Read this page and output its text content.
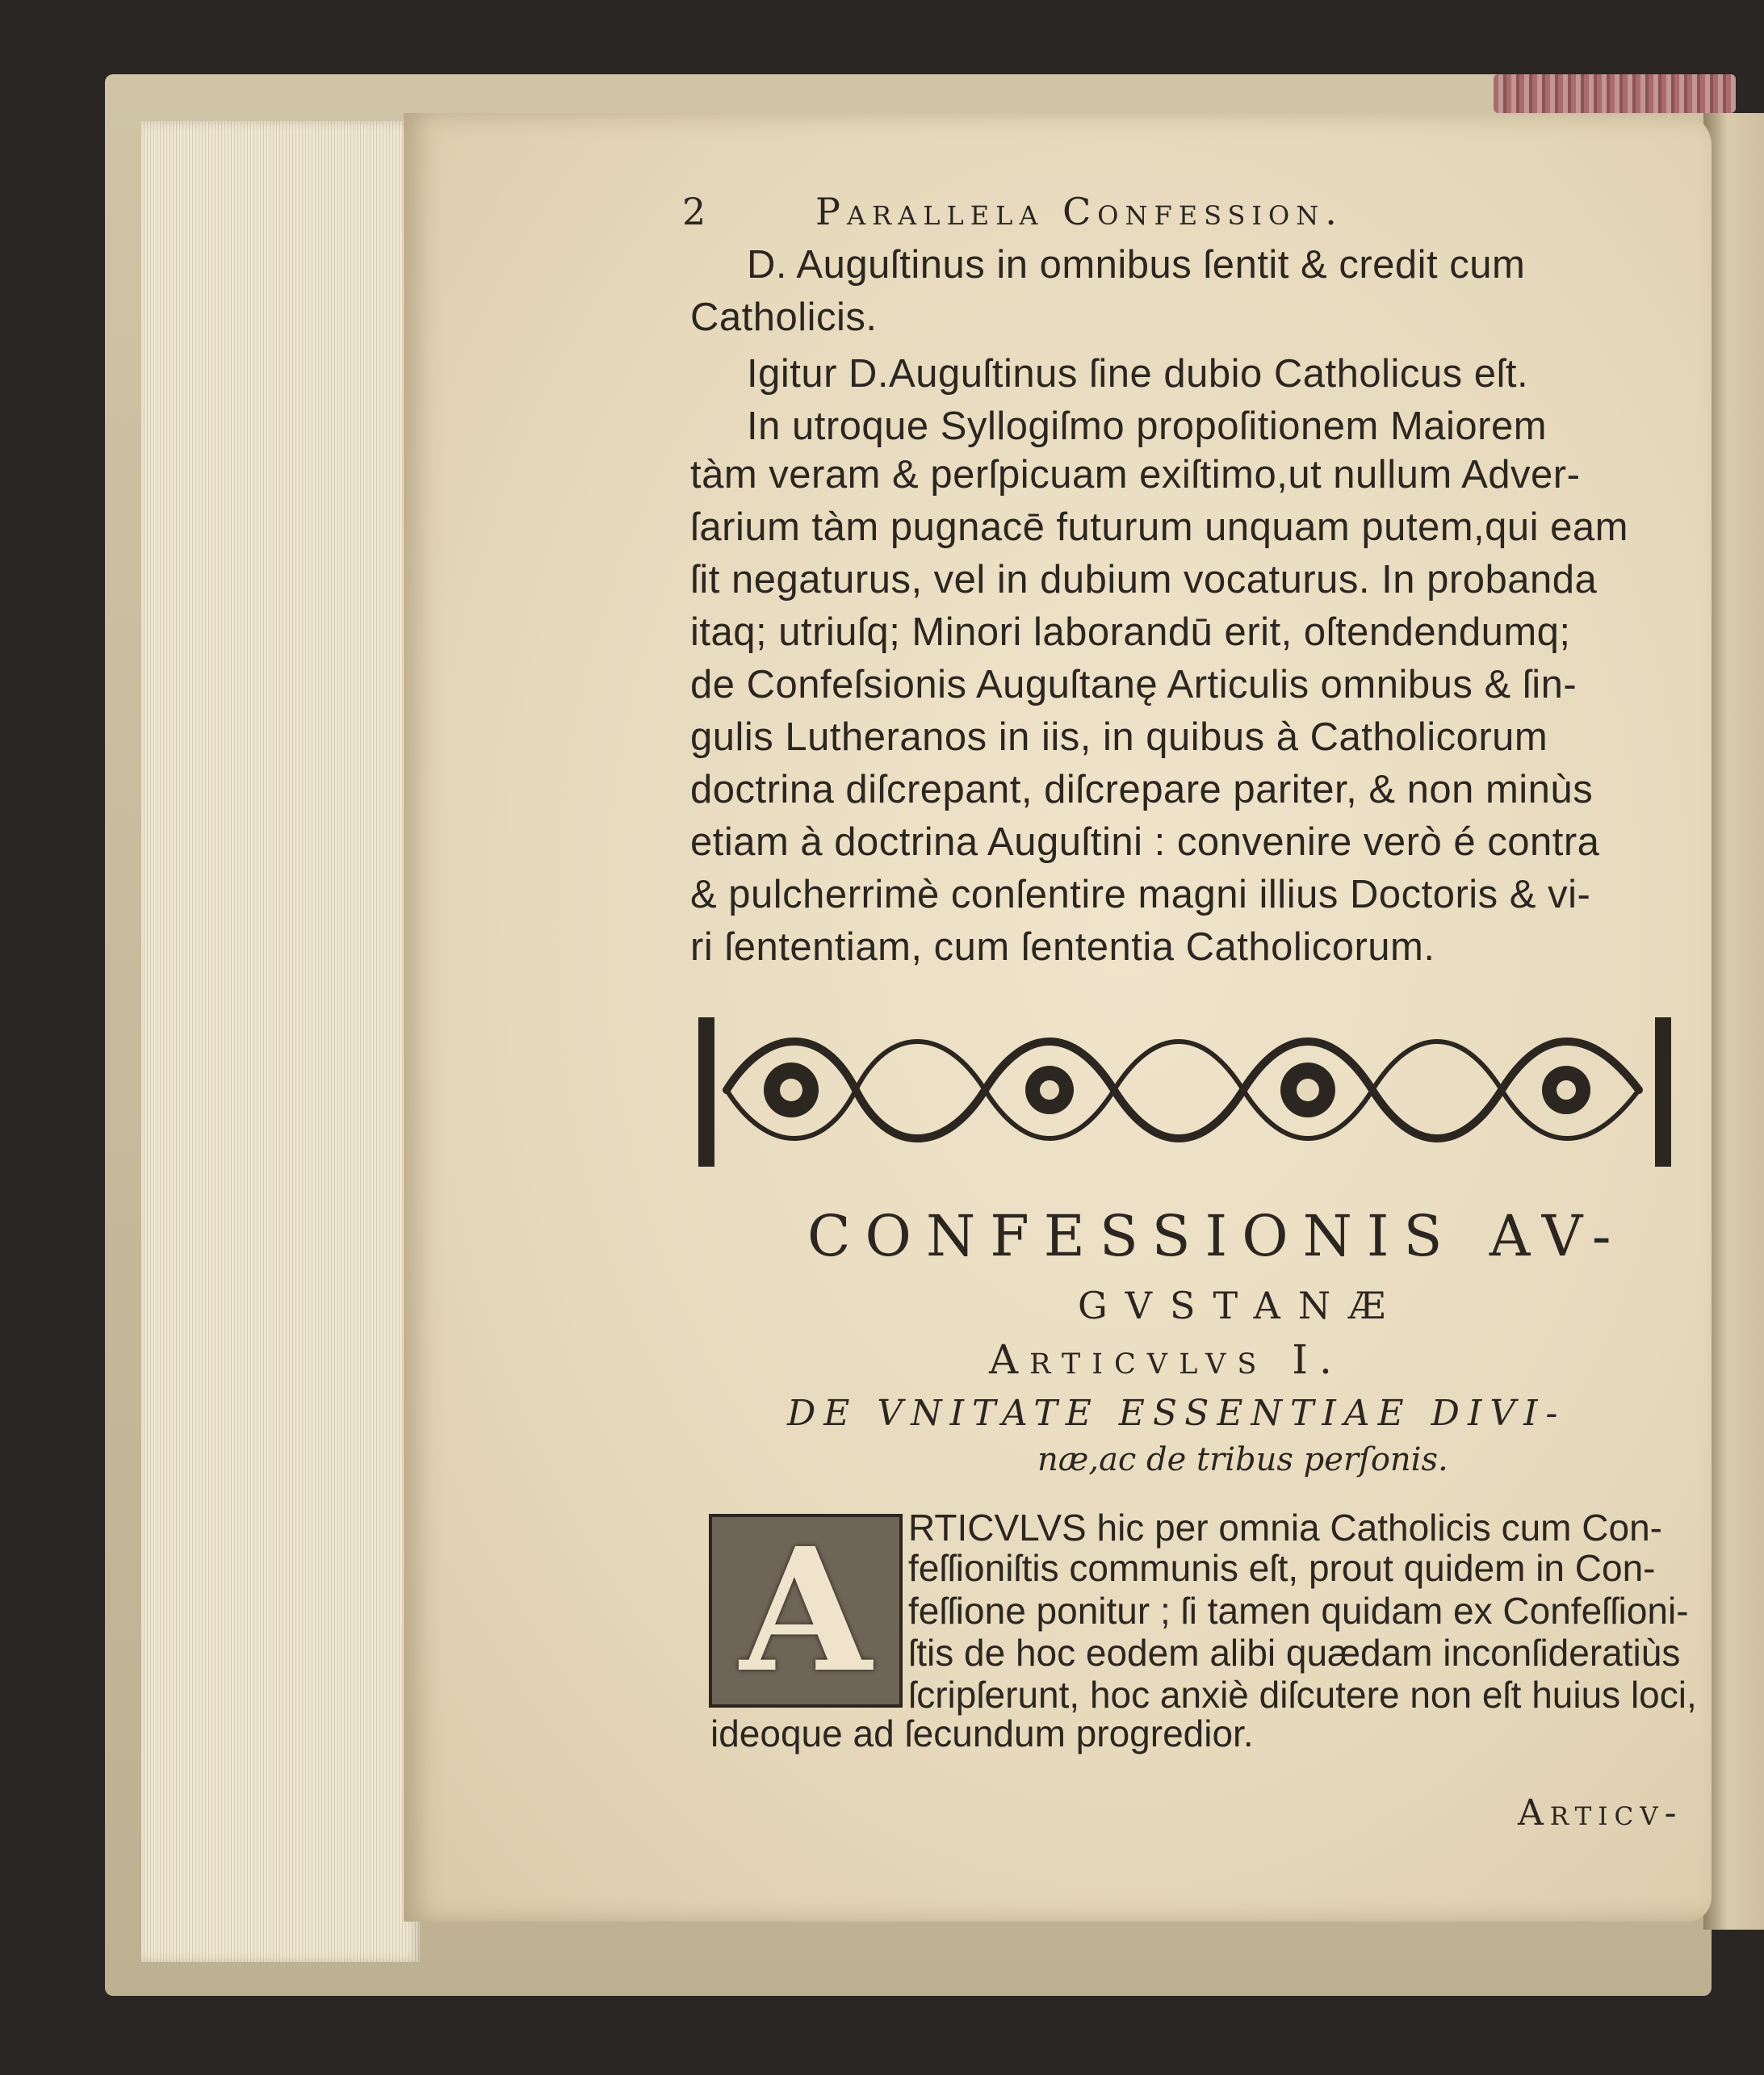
2	Parallela Confession.
D. Auguſtinus in omnibus ſentit & credit cum
Catholicis.
Igitur D.Auguſtinus ſine dubio Catholicus eſt.
In utroque Syllogiſmo propoſitionem Maiorem
tàm veram & perſpicuam exiſtimo,ut nullum Adver-
ſarium tàm pugnacē futurum unquam putem,qui eam
ſit negaturus, vel in dubium vocaturus. In probanda
itaq; utriuſq; Minori laborandū erit, oſtendendumq;
de Confeſsionis Auguſtanę Articulis omnibus & ſin-
gulis Lutheranos in iis, in quibus à Catholicorum
doctrina diſcrepant, diſcrepare pariter, & non minùs
etiam à doctrina Auguſtini : convenire verò é contra
& pulcherrimè conſentire magni illius Doctoris & vi-
ri ſententiam, cum ſententia Catholicorum.
CONFESSIONIS AV-
GVSTANÆ
Articvlvs I.
DE VNITATE ESSENTIAE DIVI-
næ,ac de tribus perſonis.
A RTICVLVS hic per omnia Catholicis cum Con-
feſſioniſtis communis eſt, prout quidem in Con-
feſſione ponitur ; ſi tamen quidam ex Confeſſioni-
ſtis de hoc eodem alibi quædam inconſideratiùs
ſcripſerunt, hoc anxiè diſcutere non eſt huius loci,
ideoque ad ſecundum progredior.
Articv-
